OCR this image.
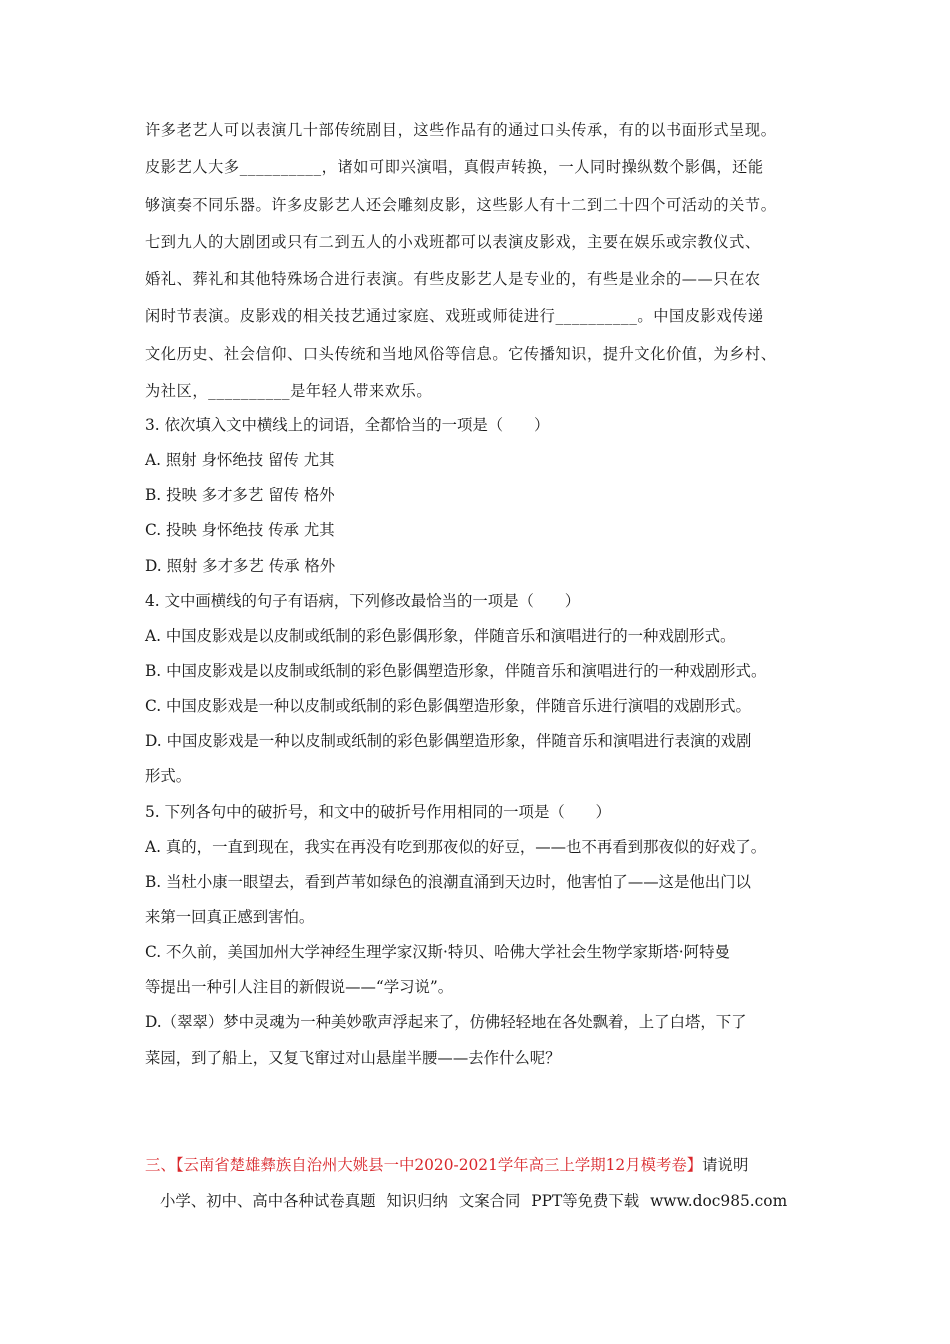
许多老艺人可以表演几十部传统剧目，这些作品有的通过口头传承，有的以书面形式呈现。

皮影艺人大多__________，诸如可即兴演唱，真假声转换，一人同时操纵数个影偶，还能

够演奏不同乐器。许多皮影艺人还会雕刻皮影，这些影人有十二到二十四个可活动的关节。

七到九人的大剧团或只有二到五人的小戏班都可以表演皮影戏，主要在娱乐或宗教仪式、

婚礼、葬礼和其他特殊场合进行表演。有些皮影艺人是专业的，有些是业余的——只在农

闲时节表演。皮影戏的相关技艺通过家庭、戏班或师徒进行__________。中国皮影戏传递

文化历史、社会信仰、口头传统和当地风俗等信息。它传播知识，提升文化价值，为乡村、

为社区，__________是年轻人带来欢乐。

3. 依次填入文中横线上的词语，全都恰当的一项是（　　）

A. 照射 身怀绝技 留传 尤其

B. 投映 多才多艺 留传 格外

C. 投映 身怀绝技 传承 尤其

D. 照射 多才多艺 传承 格外

4. 文中画横线的句子有语病，下列修改最恰当的一项是（　　）

A. 中国皮影戏是以皮制或纸制的彩色影偶形象，伴随音乐和演唱进行的一种戏剧形式。

B. 中国皮影戏是以皮制或纸制的彩色影偶塑造形象，伴随音乐和演唱进行的一种戏剧形式。

C. 中国皮影戏是一种以皮制或纸制的彩色影偶塑造形象，伴随音乐进行演唱的戏剧形式。

D. 中国皮影戏是一种以皮制或纸制的彩色影偶塑造形象，伴随音乐和演唱进行表演的戏剧

形式。

5. 下列各句中的破折号，和文中的破折号作用相同的一项是（　　）

A. 真的，一直到现在，我实在再没有吃到那夜似的好豆，——也不再看到那夜似的好戏了。

B. 当杜小康一眼望去，看到芦苇如绿色的浪潮直涌到天边时，他害怕了——这是他出门以

来第一回真正感到害怕。

C. 不久前，美国加州大学神经生理学家汉斯·特贝、哈佛大学社会生物学家斯塔·阿特曼

等提出一种引人注目的新假说——“学习说”。

D.（翠翠）梦中灵魂为一种美妙歌声浮起来了，仿佛轻轻地在各处飘着，上了白塔，下了

菜园，到了船上，又复飞窜过对山悬崖半腰——去作什么呢？

三、【云南省楚雄彝族自治州大姚县一中2020-2021学年高三上学期12月模考卷】请说明
小学、初中、高中各种试卷真题 知识归纳 文案合同 PPT等免费下载 www.doc985.com
